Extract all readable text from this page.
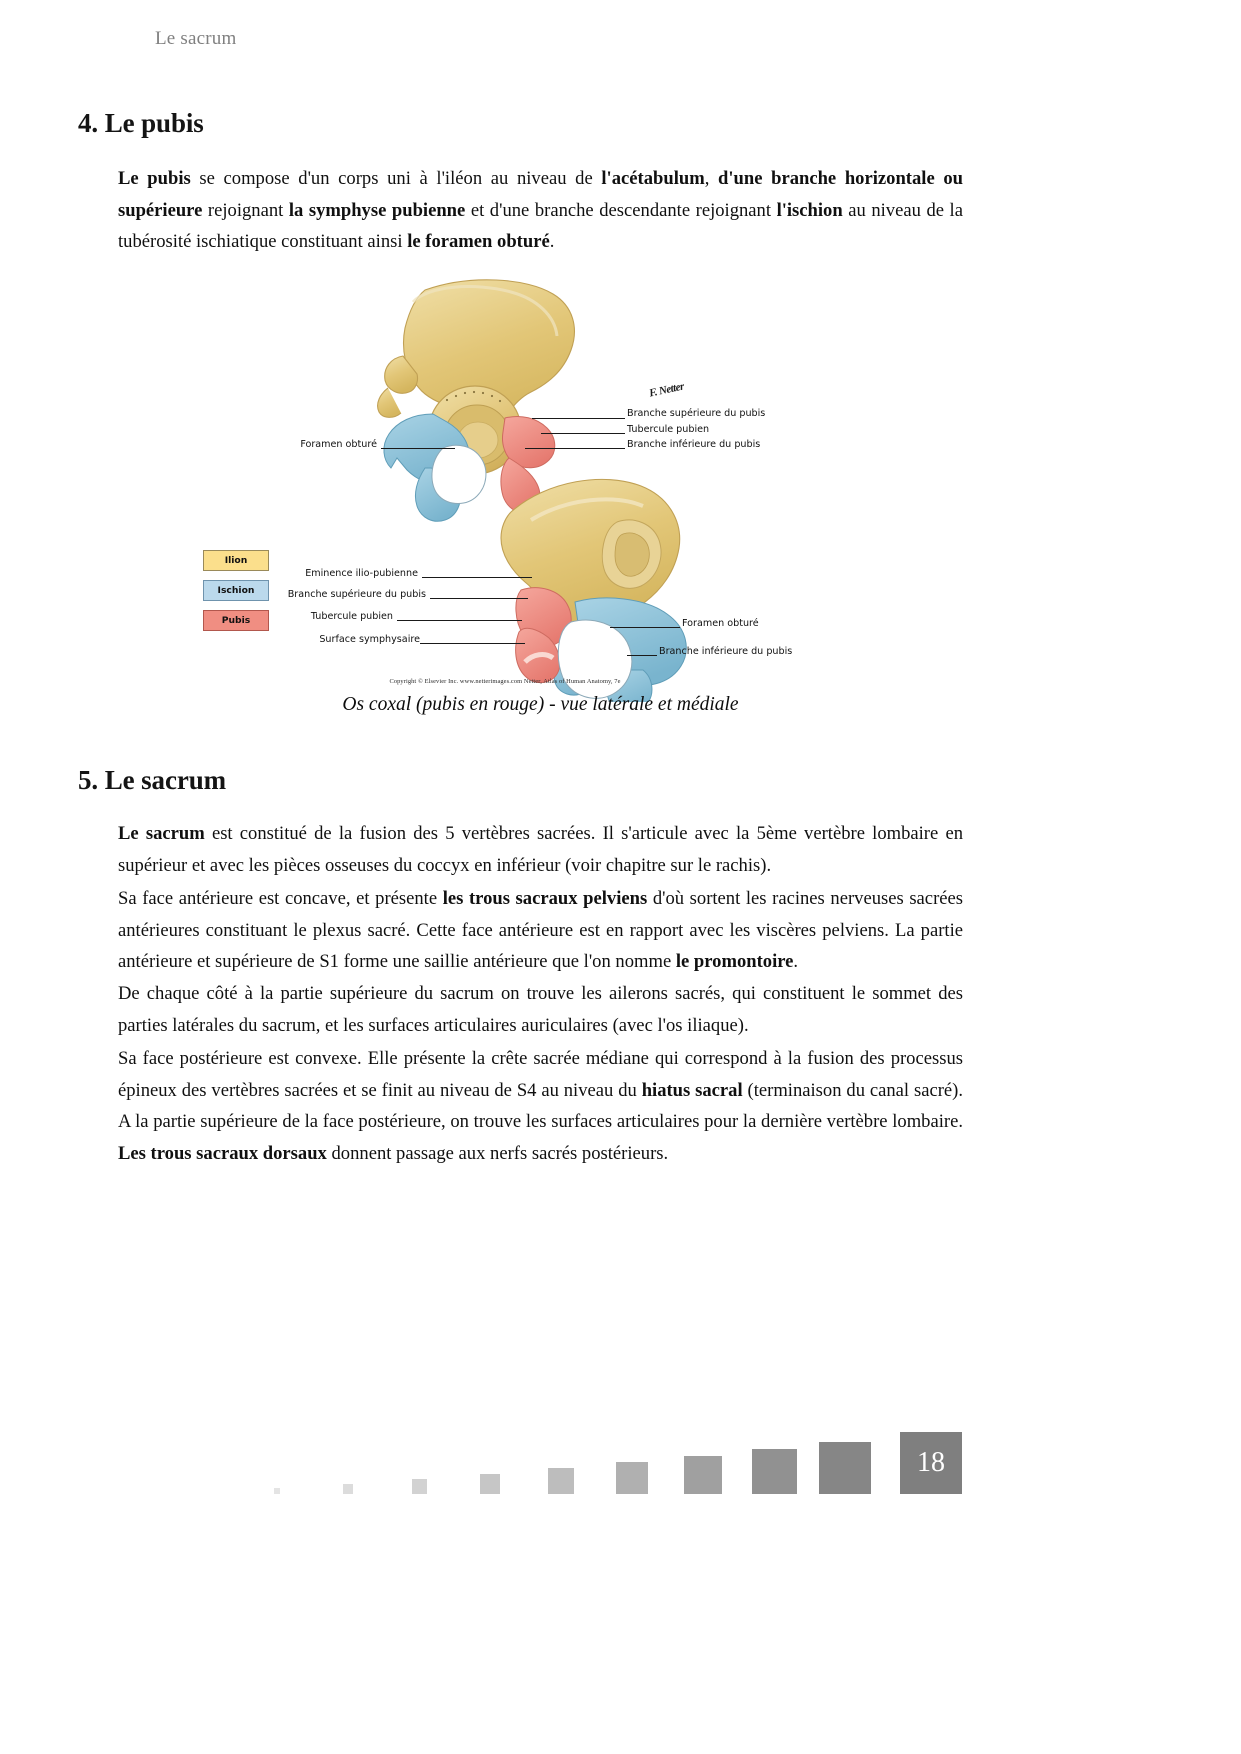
Le sacrum
4. Le pubis

Le pubis se compose d'un corps uni à l'iléon au niveau de l'acétabulum, d'une branche horizontale ou supérieure rejoignant la symphyse pubienne et d'une branche descendante rejoignant l'ischion au niveau de la tubérosité ischiatique constituant ainsi le foramen obturé.

F. Netter
Ilion
Ischion
Pubis
Branche supérieure du pubis
Tubercule pubien
Branche inférieure du pubis
Foramen obturé
Eminence ilio-pubienne
Branche supérieure du pubis
Tubercule pubien
Surface symphysaire
Foramen obturé
Branche inférieure du pubis
Copyright © Elsevier Inc. www.netterimages.com Netter, Atlas of Human Anatomy, 7e
Os coxal (pubis en rouge) - vue latérale et médiale
5. Le sacrum

Le sacrum est constitué de la fusion des 5 vertèbres sacrées. Il s'articule avec la 5ème vertèbre lombaire en supérieur et avec les pièces osseuses du coccyx en inférieur (voir chapitre sur le rachis).

Sa face antérieure est concave, et présente les trous sacraux pelviens d'où sortent les racines nerveuses sacrées antérieures constituant le plexus sacré. Cette face antérieure est en rapport avec les viscères pelviens. La partie antérieure et supérieure de S1 forme une saillie antérieure que l'on nomme le promontoire.

De chaque côté à la partie supérieure du sacrum on trouve les ailerons sacrés, qui constituent le sommet des parties latérales du sacrum, et les surfaces articulaires auriculaires (avec l'os iliaque).

Sa face postérieure est convexe. Elle présente la crête sacrée médiane qui correspond à la fusion des processus épineux des vertèbres sacrées et se finit au niveau de S4 au niveau du hiatus sacral (terminaison du canal sacré). A la partie supérieure de la face postérieure, on trouve les surfaces articulaires pour la dernière vertèbre lombaire. Les trous sacraux dorsaux donnent passage aux nerfs sacrés postérieurs.

18
